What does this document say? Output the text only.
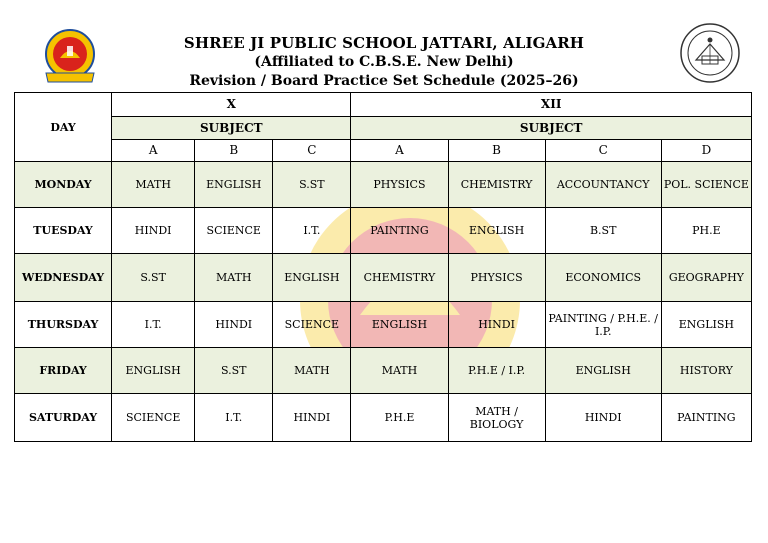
SHREE JI PUBLIC SCHOOL JATTARI, ALIGARH
(Affiliated to C.B.S.E. New Delhi)
Revision / Board Practice Set Schedule (2025–26)
DAY	X			XII			
	SUBJECT			SUBJECT			
	A	B	C	A	B	C	D
MONDAY	MATH	ENGLISH	S.ST	PHYSICS	CHEMISTRY	ACCOUNTANCY	POL. SCIENCE
TUESDAY	HINDI	SCIENCE	I.T.	PAINTING	ENGLISH	B.ST	PH.E
WEDNESDAY	S.ST	MATH	ENGLISH	CHEMISTRY	PHYSICS	ECONOMICS	GEOGRAPHY
THURSDAY	I.T.	HINDI	SCIENCE	ENGLISH	HINDI	PAINTING / P.H.E. / I.P.	ENGLISH
FRIDAY	ENGLISH	S.ST	MATH	MATH	P.H.E / I.P.	ENGLISH	HISTORY
SATURDAY	SCIENCE	I.T.	HINDI	P.H.E	MATH / BIOLOGY	HINDI	PAINTING
